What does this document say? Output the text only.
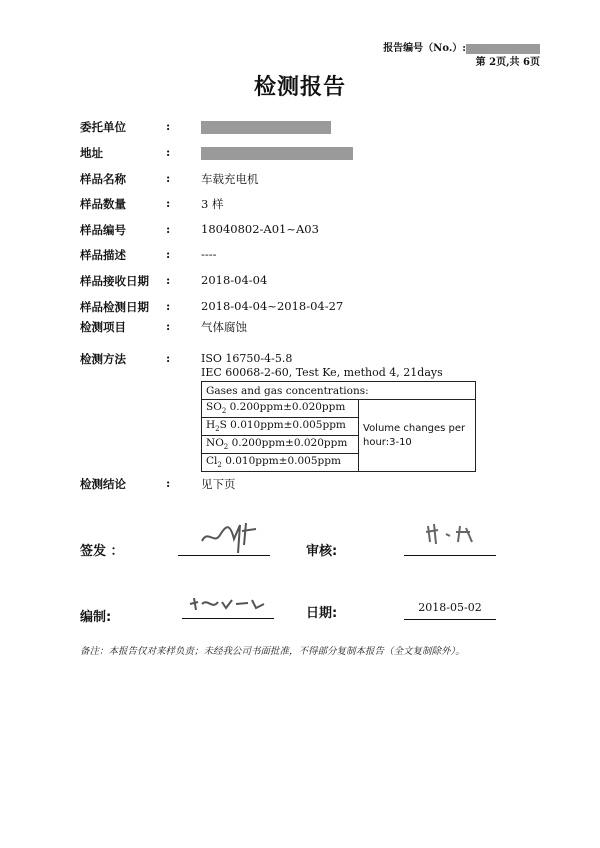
报告编号（No.）:
第 2页,共 6页
检测报告
委托单位	:
地址	:
样品名称	:	车载充电机
样品数量	:	3 样
样品编号	:	18040802-A01~A03
样品描述	:	----
样品接收日期	:	2018-04-04
样品检测日期	:	2018-04-04~2018-04-27
检测项目	:	气体腐蚀
检测方法	:	ISO 16750-4-5.8
IEC 60068-2-60, Test Ke, method 4, 21days
Gases and gas concentrations:
$SO_2$ 0.200ppm±0.020ppm	Volume changes per hour:3-10
$H_2S$ 0.010ppm±0.005ppm
$NO_2$ 0.200ppm±0.020ppm
$Cl_2$ 0.010ppm±0.005ppm
检测结论	:	见下页
签发 ：	审核:
编制:	日期:	2018-05-02
备注：本报告仅对来样负责；未经我公司书面批准，不得部分复制本报告（全文复制除外）。
